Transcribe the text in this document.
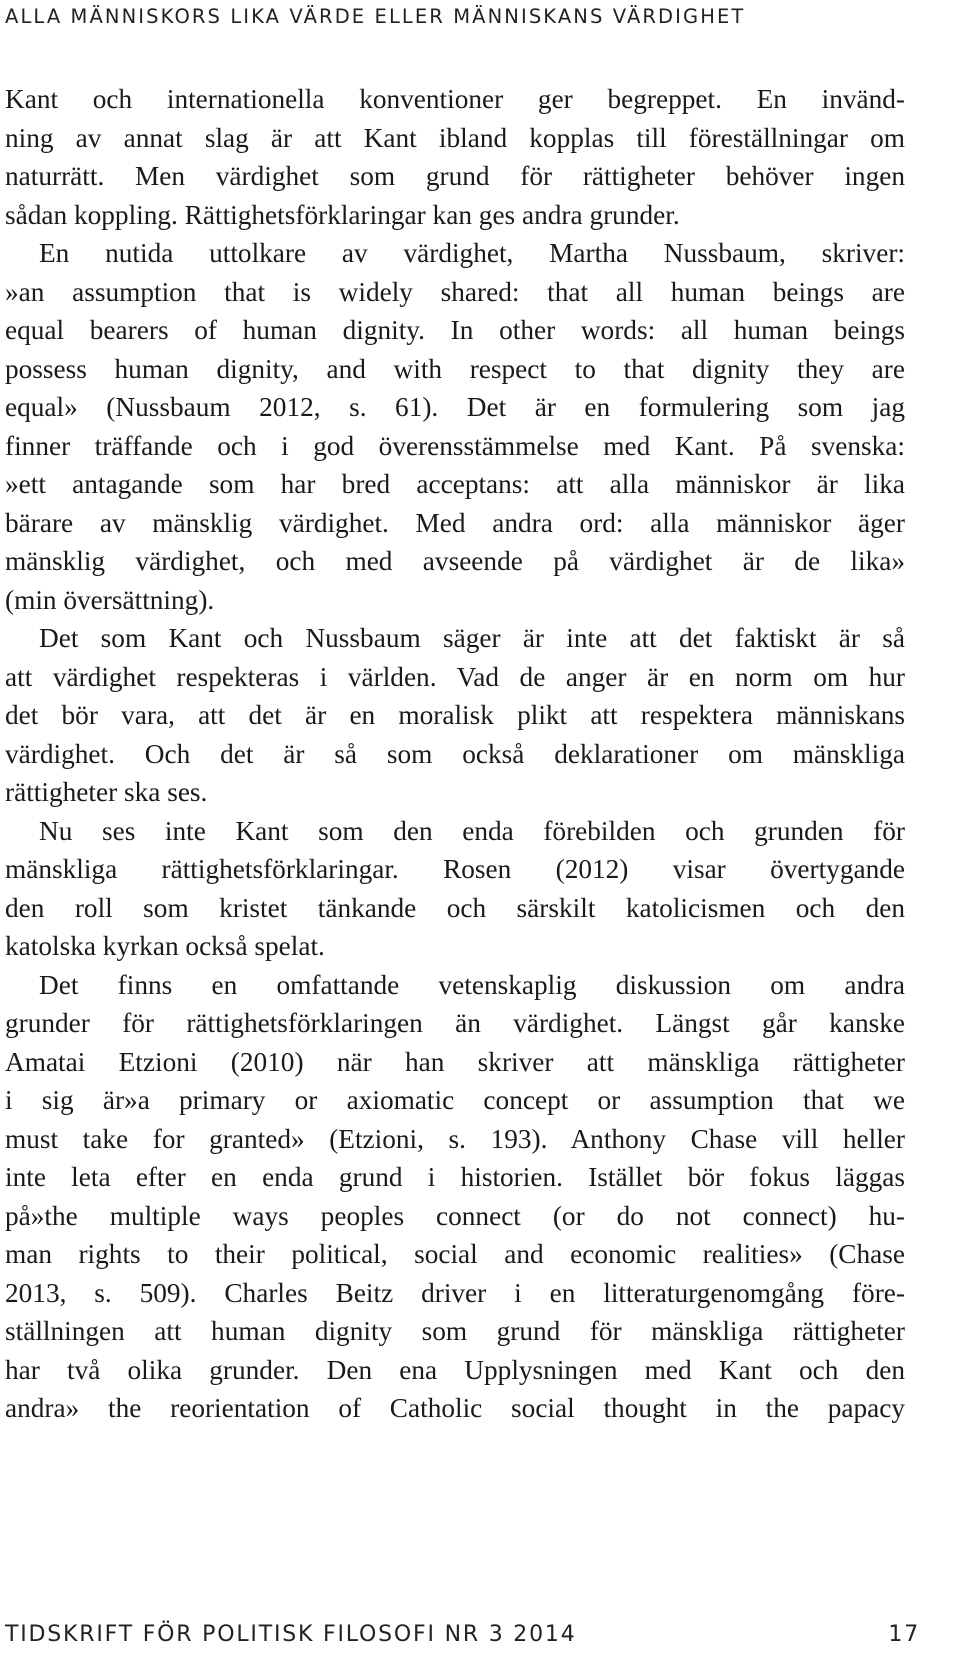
ALLA MÄNNISKORS LIKA VÄRDE ELLER MÄNNISKANS VÄRDIGHET

Kant och internationella konventioner ger begreppet. En invänd-
ning av annat slag är att Kant ibland kopplas till föreställningar om
naturrätt. Men värdighet som grund för rättigheter behöver ingen
sådan koppling. Rättighetsförklaringar kan ges andra grunder.

En nutida uttolkare av värdighet, Martha Nussbaum, skriver:
»an assumption that is widely shared: that all human beings are
equal bearers of human dignity. In other words: all human beings
possess human dignity, and with respect to that dignity they are
equal» (Nussbaum 2012, s. 61). Det är en formulering som jag
finner träffande och i god överensstämmelse med Kant. På svenska:
»ett antagande som har bred acceptans: att alla människor är lika
bärare av mänsklig värdighet. Med andra ord: alla människor äger
mänsklig värdighet, och med avseende på värdighet är de lika»
(min översättning).

Det som Kant och Nussbaum säger är inte att det faktiskt är så
att värdighet respekteras i världen. Vad de anger är en norm om hur
det bör vara, att det är en moralisk plikt att respektera människans
värdighet. Och det är så som också deklarationer om mänskliga
rättigheter ska ses.

Nu ses inte Kant som den enda förebilden och grunden för
mänskliga rättighetsförklaringar. Rosen (2012) visar övertygande
den roll som kristet tänkande och särskilt katolicismen och den
katolska kyrkan också spelat.

Det finns en omfattande vetenskaplig diskussion om andra
grunder för rättighetsförklaringen än värdighet. Längst går kanske
Amatai Etzioni (2010) när han skriver att mänskliga rättigheter
i sig är»a primary or axiomatic concept or assumption that we
must take for granted» (Etzioni, s. 193). Anthony Chase vill heller
inte leta efter en enda grund i historien. Istället bör fokus läggas
på»the multiple ways peoples connect (or do not connect) hu-
man rights to their political, social and economic realities» (Chase
2013, s. 509). Charles Beitz driver i en litteraturgenomgång före-
ställningen att human dignity som grund för mänskliga rättigheter
har två olika grunder. Den ena Upplysningen med Kant och den
andra» the reorientation of Catholic social thought in the papacy

TIDSKRIFT FÖR POLITISK FILOSOFI NR 3 2014	17
